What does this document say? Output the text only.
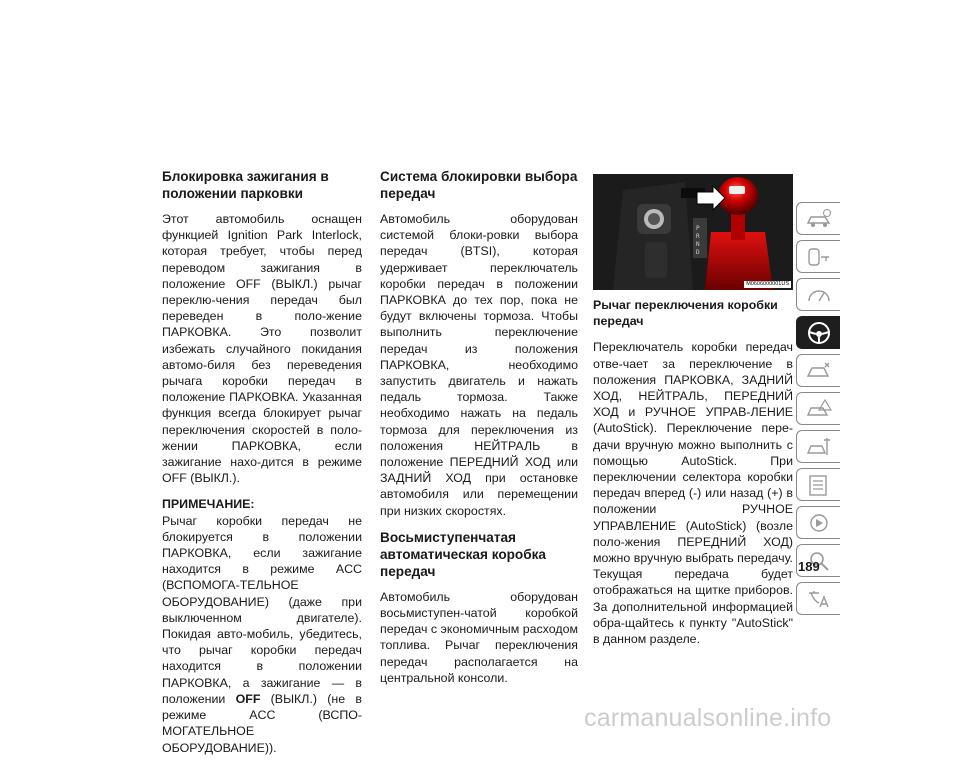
Блокировка зажигания в положении парковки

Этот автомобиль оснащен функцией Ignition Park Interlock, которая требует, чтобы перед переводом зажигания в положение OFF (ВЫКЛ.) рычаг переклю-чения передач был переведен в поло-жение ПАРКОВКА. Это позволит избежать случайного покидания автомо-биля без переведения рычага коробки передач в положение ПАРКОВКА. Указанная функция всегда блокирует рычаг переключения скоростей в поло-жении ПАРКОВКА, если зажигание нахо-дится в режиме OFF (ВЫКЛ.).

ПРИМЕЧАНИЕ:
Рычаг коробки передач не блокируется в положении ПАРКОВКА, если зажигание находится в режиме ACC (ВСПОМОГА-ТЕЛЬНОЕ ОБОРУДОВАНИЕ) (даже при выключенном двигателе). Покидая авто-мобиль, убедитесь, что рычаг коробки передач находится в положении ПАРКОВКА, а зажигание — в положении OFF (ВЫКЛ.) (не в режиме ACC (ВСПО-МОГАТЕЛЬНОЕ ОБОРУДОВАНИЕ)).

Система блокировки выбора передач

Автомобиль оборудован системой блоки-ровки выбора передач (BTSI), которая удерживает переключатель коробки передач в положении ПАРКОВКА до тех пор, пока не будут включены тормоза. Чтобы выполнить переключение передач из положения ПАРКОВКА, необходимо запустить двигатель и нажать педаль тормоза. Также необходимо нажать на педаль тормоза для переключения из положения НЕЙТРАЛЬ в положение ПЕРЕДНИЙ ХОД или ЗАДНИЙ ХОД при остановке автомобиля или перемещении при низких скоростях.

Восьмиступенчатая автоматическая коробка передач

Автомобиль оборудован восьмиступен-чатой коробкой передач с экономичным расходом топлива. Рычаг переключения передач располагается на центральной консоли.

P
R
N
D
M0606000001US
Рычаг переключения коробки передач

Переключатель коробки передач отве-чает за переключение в положения ПАРКОВКА, ЗАДНИЙ ХОД, НЕЙТРАЛЬ, ПЕРЕДНИЙ ХОД и РУЧНОЕ УПРАВ-ЛЕНИЕ (AutoStick). Переключение пере-дачи вручную можно выполнить с помощью AutoStick. При переключении селектора коробки передач вперед (-) или назад (+) в положении РУЧНОЕ УПРАВЛЕНИЕ (AutoStick) (возле поло-жения ПЕРЕДНИЙ ХОД) можно вручную выбрать передачу. Текущая передача будет отображаться на щитке приборов. За дополнительной информацией обра-щайтесь к пункту "AutoStick" в данном разделе.

189
carmanualsonline.info
